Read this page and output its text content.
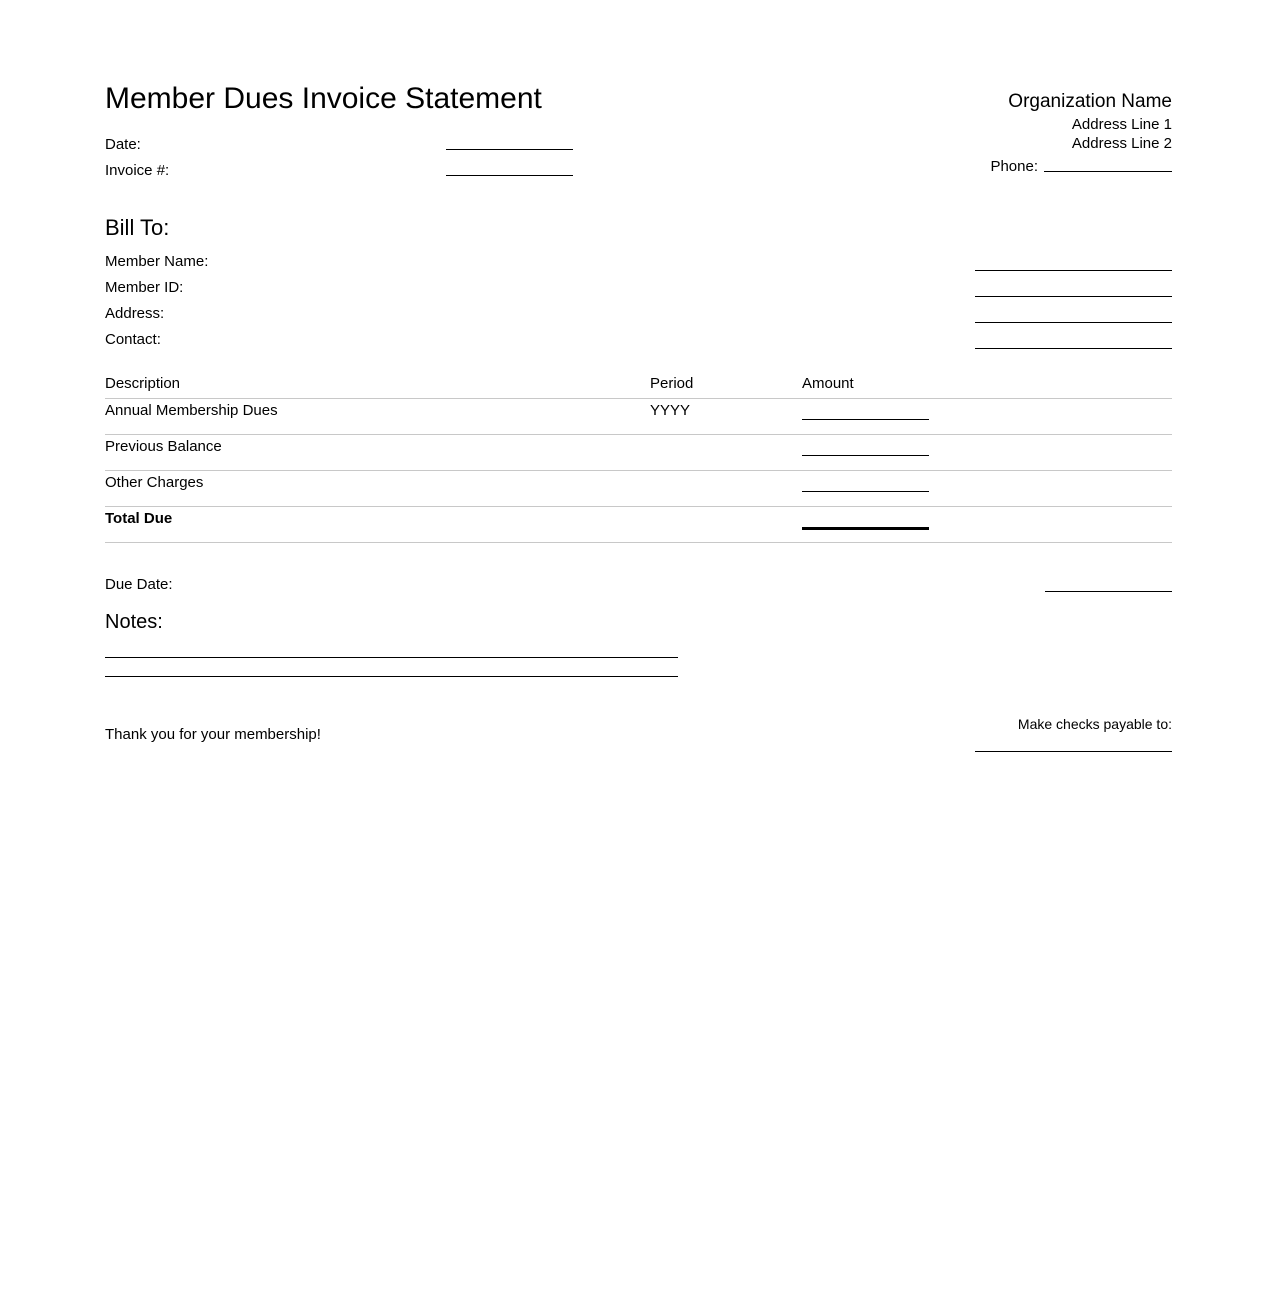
Member Dues Invoice Statement	Organization Name
Address Line 1
Address Line 2
Phone:
Date:
Invoice #:
Bill To:
Member Name:
Member ID:
Address:
Contact:
Description	Period	Amount
Annual Membership Dues	YYYY
Previous Balance
Other Charges
Total Due
Due Date:
Notes:
Thank you for your membership!
Make checks payable to:
